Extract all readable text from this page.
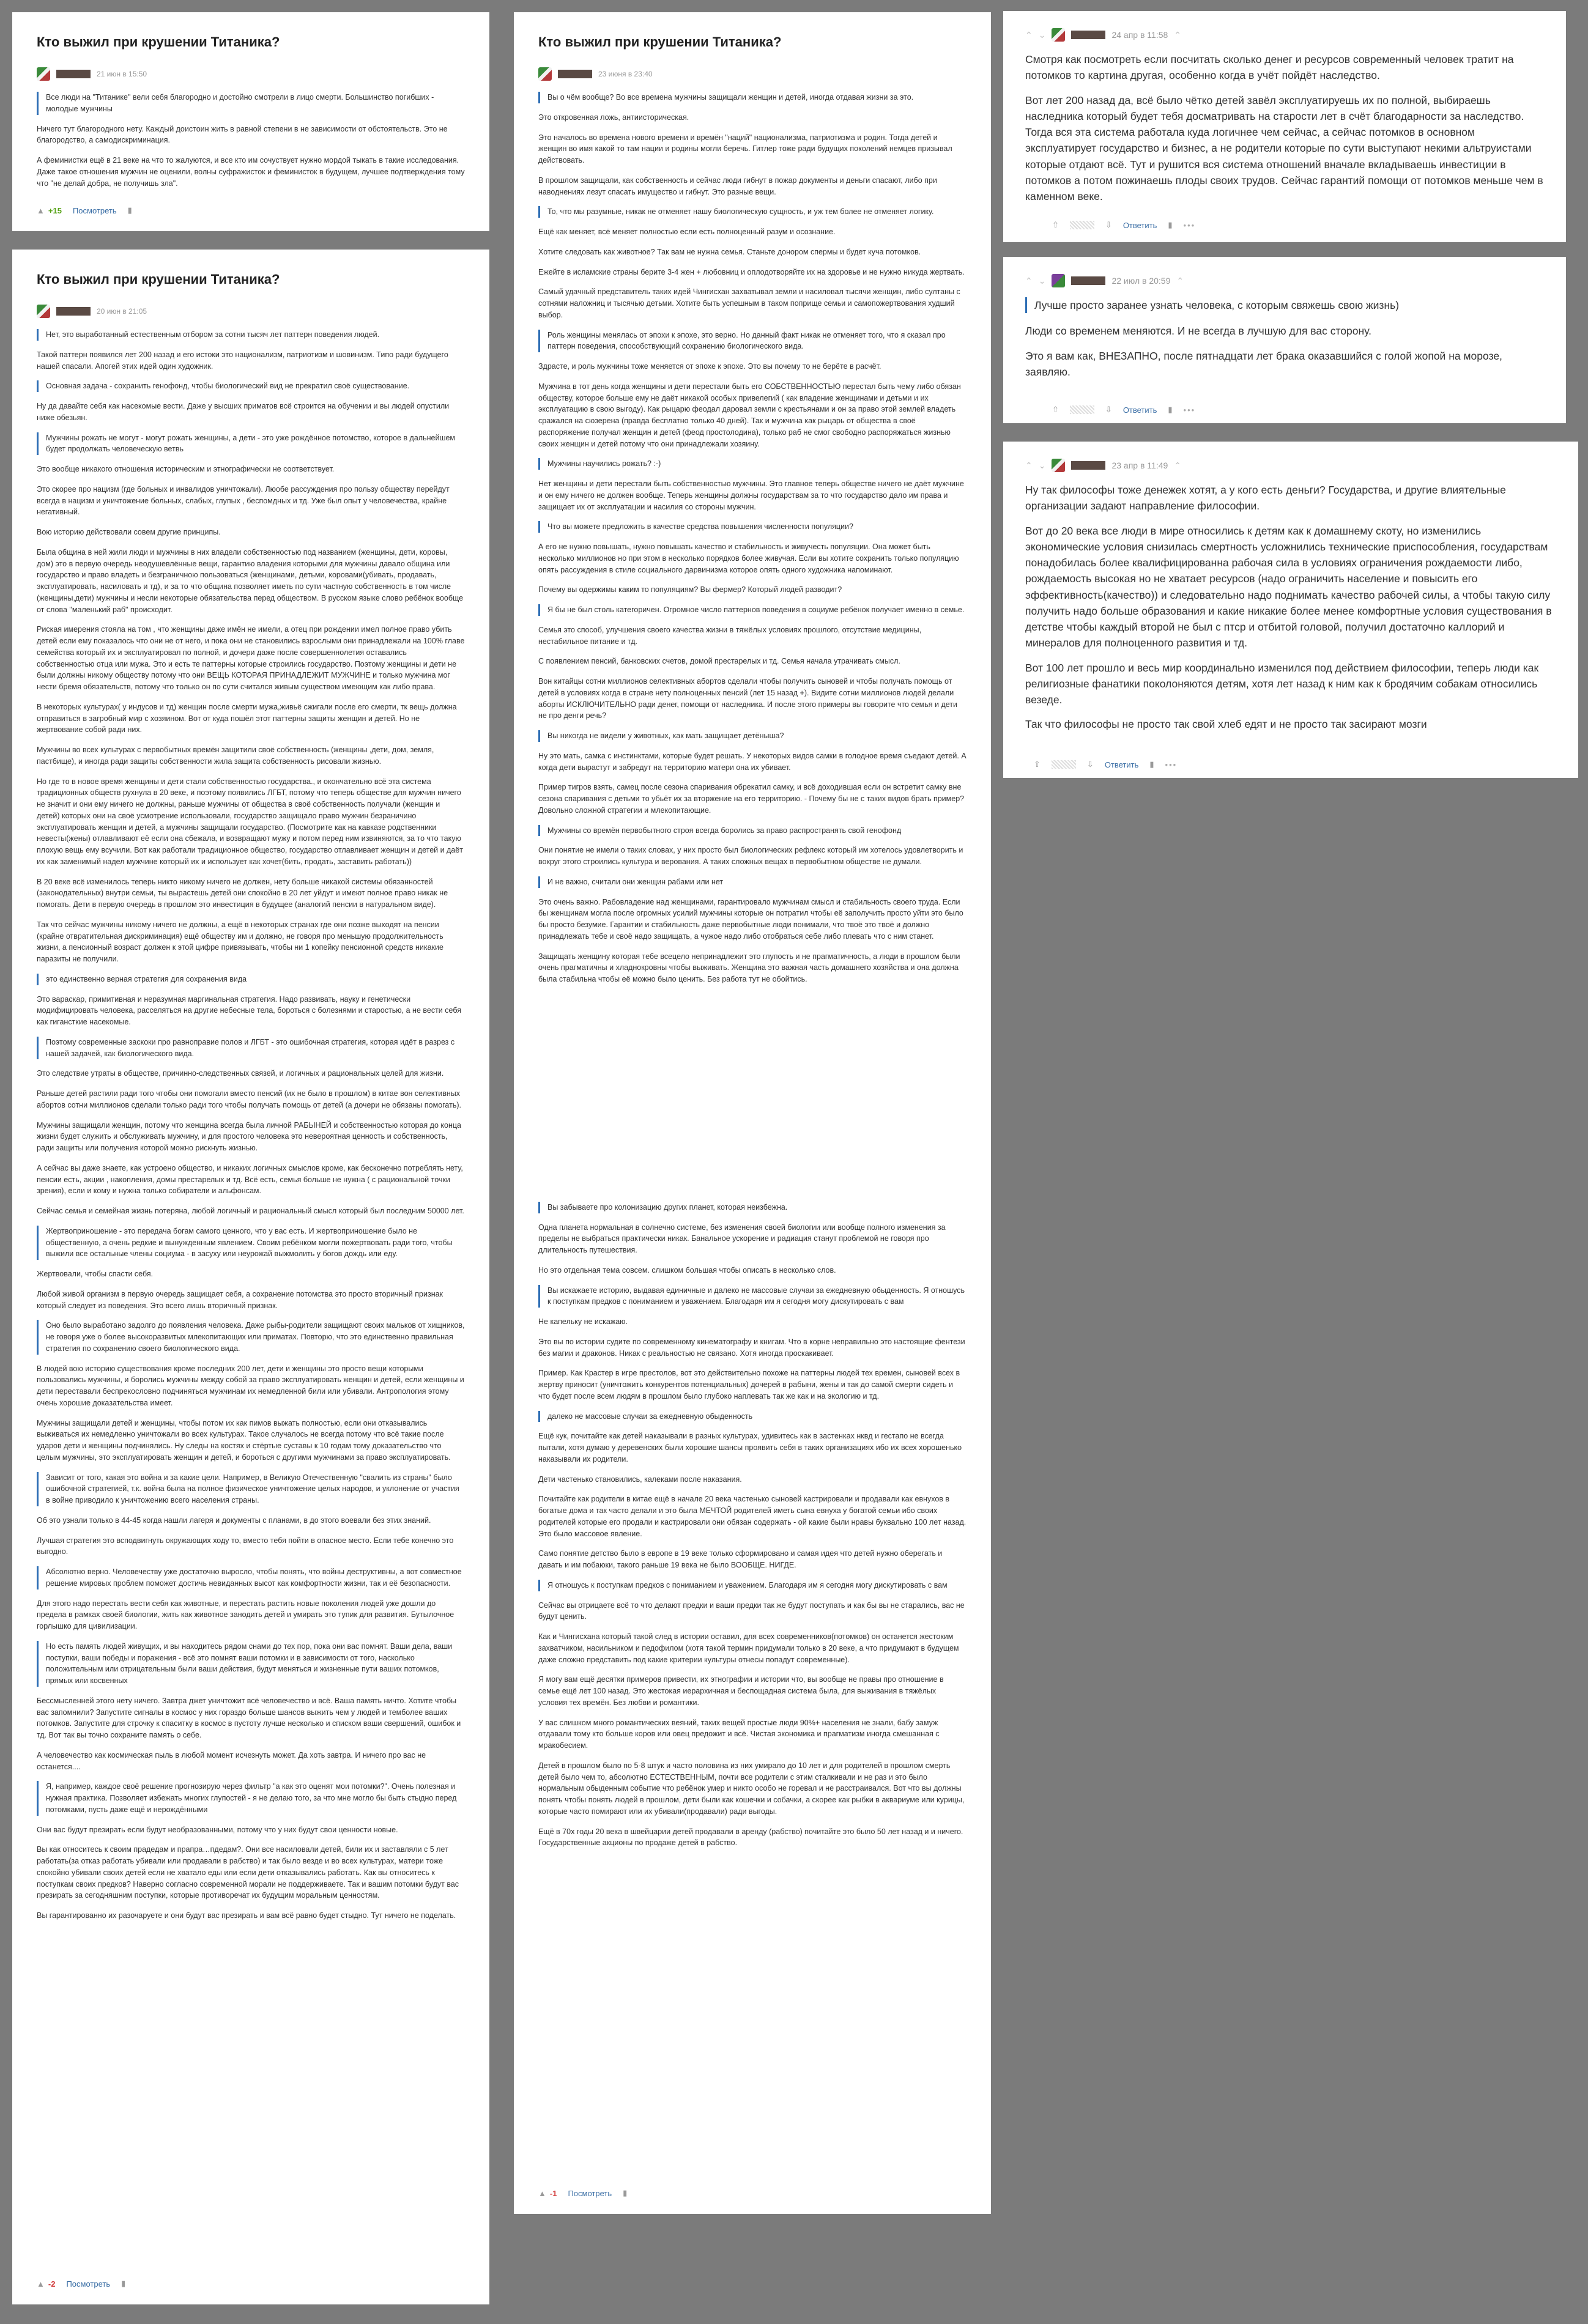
Кто выжил при крушении Титаника?
21 июн в 15:50
Все люди на "Титанике" вели себя благородно и достойно смотрели в лицо смерти. Большинство погибших - молодые мужчины

Ничего тут благородного нету. Каждый доистоин жить в равной степени в не зависимости от обстоятельств. Это не благородство, а самодискриминация.

А феминистки ещё в 21 веке на что то жалуются, и все кто им сочуствует нужно мордой тыкать в такие исследования. Даже такое отношения мужчин не оценили, волны суфражисток и феминисток в будущем, лучшее подтверждения тому что "не делай добра, не получишь зла".

▲ +15 Посмотреть ▮
Кто выжил при крушении Титаника?
20 июн в 21:05
Нет, это выработанный естественным отбором за сотни тысяч лет паттерн поведения людей.

Такой паттерн появился лет 200 назад и его истоки это национализм, патриотизм и шовинизм. Типо ради будущего нашей спасали. Апогей этих идей один художник.

Основная задача - сохранить генофонд, чтобы биологический вид не прекратил своё существование.

Ну да давайте себя как насекомые вести. Даже у высших приматов всё строится на обучении и вы людей опустили ниже обезьян.

Мужчины рожать не могут - могут рожать женщины, а дети - это уже рождённое потомство, которое в дальнейшем будет продолжать человеческую ветвь

Это вообще никакого отношения историческим и этнографически не соответствует.

Это скорее про нацизм (где больных и инвалидов уничтожали). Люобе рассуждения про пользу обществу перейдут всегда в нацизм и уничтожение больных, слабых, глупых , беспомдных и тд. Уже был опыт у человечества, крайне негативный.

Вою историю действовали совем другие принципы.

Была община в ней жили люди и мужчины в них владели собственностью под названием (женщины, дети, коровы, дом) это в первую очередь неодушевлённые вещи, гарантию владения которыми для мужчины давало община или государство и право владеть и безграничною пользоваться (женщинами, детьми, коровами(убивать, продавать, эксплуатировать, насиловать и тд), и за то что община позволяет иметь по сути частную собственность в том числе (женщины,дети) мужчины и несли некоторые обязательства перед обществом. В русском языке слово ребёнок вообще от слова "маленький раб" происходит.

Риская имерения стояла на том , что женщины даже имён не имели, а отец при рождении имел полное право убить детей если ему показалось что они не от него, и пока они не становились взрослыми они принадлежали на 100% главе семейства который их и эксплуатировал по полной, и дочери даже после совершеннолетия оставались собственностью отца или мужа. Это и есть те паттерны которые строились государство. Поэтому женщины и дети не были должны никому обществу потому что они ВЕЩЬ КОТОРАЯ ПРИНАДЛЕЖИТ МУЖЧИНЕ и только мужчина мог нести бремя обязательств, потому что только он по сути считался живым существом имеющим как либо права.

В некоторых культурах( у индусов и тд) женщин после смерти мужа,живьё сжигали после его смерти, тк вещь должна отправиться в загробный мир с хозяином. Вот от куда пошёл этот паттерны защиты женщин и детей. Но не жертвование собой ради них.

Мужчины во всех культурах с первобытных времён защитили своё собственность (женщины ,дети, дом, земля, пастбище), и иногда ради защиты собственности жила защита собственность рисовали жизнью.

Но где то в новое время женщины и дети стали собственностью государства., и окончательно всё эта система традиционных обществ рухнула в 20 веке, и поэтому появились ЛГБТ, потому что теперь обществе для мужчин ничего не значит и они ему ничего не должны, раньше мужчины от общества в своё собственность получали (женщин и детей) которых они на своё усмотрение использовали, государство защищало право мужчин безраничино эксплуатировать женщин и детей, а мужчины защищали государство. (Посмотрите как на кавказе родственники невесты(жены) отлавливают её если она сбежала, и возвращают мужу и потом перед ним извиняются, за то что такую плохую вещь ему всучили. Вот как работали традиционное общество, государство отлавливает женщин и детей и даёт их как заменимый надел мужчине который их и использует как хочет(бить, продать, заставить работать))

В 20 веке всё изменилось теперь никто никому ничего не должен, нету больше никакой системы обязанностей (законодательных) внутри семьи, ты выраcтешь детей они спокойно в 20 лет уйдут и имеют полное право никак не помогать. Дети в первую очередь в прошлом это инвестиция в будущее (аналогий пенсии в натуральном виде).

Так что сейчас мужчины никому ничего не должны, а ещё в некоторых странах где они позже выходят на пенсии (крайне отвратительная дискриминация) ещё обществу им и должно, не говоря про меньшую продолжительность жизни, а пенсионный возраст должен к этой цифре привязывать, чтобы ни 1 копейку пенсионной средств никакие паразиты не получили.

это единственно верная стратегия для сохранения вида

Это вараскар, примитивная и неразумная маргинальная стратегия. Надо развивать, науку и генетически модифицировать человека, расселяться на другие небесные тела, бороться с болезнями и старостью, а не вести себя как гигансткие насекомые.

Поэтому современные заскоки про равноправие полов и ЛГБТ - это ошибочная стратегия, которая идёт в разрез с нашей задачей, как биологического вида.

Это следствие утраты в обществе, причинно-следственных связей, и логичных и рациональных целей для жизни.

Раньше детей растили ради того чтобы они помогали вместо пенсий (их не было в прошлом) в китае вон селективных абортов сотни миллионов сделали только ради того чтобы получать помощь от детей (а дочери не обязаны помогать).

Мужчины защищали женщин, потому что женщина всегда была личной РАБЫНЕЙ и собственностью которая до конца жизни будет служить и обслуживать мужчину, и для простого человека это невероятная ценность и собственность, ради защиты или получения которой можно рискнуть жизнью.

А сейчас вы даже знаете, как устроено общество, и никаких логичных смыслов кроме, как бесконечно потреблять нету, пенсии есть, акции , накопления, домы престарелых и тд. Всё есть, семья больше не нужна ( с рациональной точки зрения), если и кому и нужна только собиратели и альфонсам.

Сейчас семья и семейная жизнь потеряна, любой логичный и рациональный смысл который был последним 50000 лет.

Жертвоприношение - это передача богам самого ценного, что у вас есть. И жертвоприношение было не общественную, а очень редкие и вынужденным явлением. Своим ребёнком могли пожертвовать ради того, чтобы выжили все остальные члены социума - в засуху или неурожай выжмолить у богов дождь или еду.

Жертвовали, чтобы спасти себя.

Любой живой организм в первую очередь защищает себя, а сохранение потомства это просто вторичный признак который следует из поведения. Это всего лишь вторичный признак.

Оно было выработано задолго до появления человека. Даже рыбы-родители защищают своих мальков от хищников, не говоря уже о более высокоразвитых млекопитающих или приматах. Повторю, что это единственно правильная стратегия по сохранению своего биологического вида.

В людей вою историю существования кроме последних 200 лет, дети и женщины это просто вещи которыми пользовались мужчины, и боролись мужчины между собой за право эксплуатировать женщин и детей, если женщины и дети переставали беспрекословно подчиняться мужчинам их немедленной били или убивали. Антропология этому очень хорошие доказательства имеет.

Мужчины защищали детей и женщины, чтобы потом их как пимов выжать полностью, если они отказывались выживаться их немедленно уничтожали во всех культурах. Такое случалось не всегда потому что всё такие после удаpов дети и женщины подчинялись. Ну следы на костях и стёртые суставы к 10 годам тому доказательство что целым мужчины, это эксплуатировать женщин и детей, и бороться с другими мужчинами за право эксплуатировать.

Зависит от того, какая это война и за какие цели. Например, в Великую Отечественную "свалить из страны" было ошибочной стратегией, т.к. война была на полное физическое уничтожение целых народов, и уклонение от участия в войне приводило к уничтожению всего населения страны.

Об это узнали только в 44-45 когда нашли лагеря и документы с планами, в до этого воевали без этих знаний.

Лучшая стратегия это всподвигнуть окружающих ходу то, вместо тебя пойти в опасное место. Если тебе конечно это выгодно.

Абсолютно верно. Человечеству уже достаточно выросло, чтобы понять, что войны деструктивны, а вот совместное решение мировых проблем поможет достичь невиданных высот как комфортности жизни, так и её безопасности.

Для этого надо перестать вести себя как животные, и перестать растить новые поколения людей уже дошли до предела в рамках своей биологии, жить как животное занодить детей и умирать это тупик для развития. Бутылочное горлышко для цивилизации.

Но есть память людей живущих, и вы находитесь рядом снами до тех пор, пока они вас помнят. Ваши дела, ваши поступки, ваши победы и поражения - всё это помнят ваши потомки и в зависимости от того, насколько положительным или отрицательным были ваши действия, будут меняться и жизненные пути ваших потомков, прямых или косвенных

Бессмысленней этого нету ничего. Завтра джет уничтожит всё человечество и всё. Ваша память ничто. Хотите чтобы вас запомнили? Запустите сигналы в космос у них гораздо больше шансов выжить чем у людей и темболее ваших потомков. Запустите для строчку к спаситку в космос в пустоту лучше несколько и списком ваши свершений, ошибок и тд. Вот так вы точно сохраните память о себе.

А человечество как космическая пыль в любой момент исчезнуть может. Да хоть завтра. И ничего про вас не останется....

Я, например, каждое своё решение прогнозирую через фильтр "а как это оценят мои потомки?". Очень полезная и нужная практика. Позволяет избежать многих глупостей - я не делаю того, за что мне могло бы быть стыдно перед потомками, пусть даже ещё и нерождёнными

Они вас будут презирать если будут необразованными, потому что у них будут свои ценности новые.

Вы как относитесь к своим прадедам и прапра…пдедам?. Они все насиловали детей, били их и заставляли с 5 лет работать(за отказ работать убивали или продавали в рабство) и так было везде и во всех культурах, матери тоже спокойно убивали своих детей если не хватало еды или если дети отказывались работать. Как вы относитесь к поступкам своих предков? Наверно согласно современной морали не поддерживаете. Так и вашим потомки будут вас презирать за сегодняшним поступки, которые противоречат их будущим моральным ценностям.

Вы гарантированно их разочаруете и они будут вас презирать и вам всё равно будет стыдно. Тут ничего не поделать.

▲ -2 Посмотреть ▮
Кто выжил при крушении Титаника?
23 июня в 23:40
Вы о чём вообще? Во все времена мужчины защищали женщин и детей, иногда отдавая жизни за это.

Это откровенная ложь, антиисторическая.

Это началось во времена нового времени и времён "наций" национализма, патриотизма и родин. Тогда детей и женщин во имя какой то там нации и родины могли беречь. Гитлер тоже ради будущих поколений немцев призывал действовать.

В прошлом защищали, как собственность и сейчас люди гибнут в пожар документы и деньги спасают, либо при наводнениях лезут спасать имущество и гибнут. Это разные вещи.

То, что мы разумные, никак не отменяет нашу биологическую сущность, и уж тем более не отменяет логику.

Ещё как меняет, всё меняет полностью если есть полноценный разум и осознание.

Хотите следовать как животное? Так вам не нужна семья. Станьте донором спермы и будет куча потомков.

Ежейте в исламские страны берите 3-4 жен + любовниц и оплодотворяйте их на здоровье и не нужно никуда жертвать.

Самый удачный представитель таких идей Чингисхан захватывал земли и насиловал тысячи женщин, либо султаны с сотнями наложниц и тысячью детьми. Хотите быть успешным в таком поприще семьи и самопожертвования худший выбор.

Роль женщины менялась от эпохи к эпохе, это верно. Но данный факт никак не отменяет того, что я сказал про паттерн поведения, способствующий сохранению биологического вида.

Здрасте, и роль мужчины тоже меняется от эпохе к эпохе. Это вы почему то не берёте в расчёт.

Мужчина в тот день когда женщины и дети перестали быть его СОБСТВЕННОСТЬЮ перестал быть чему либо обязан обществу, которое больше ему не даёт никакой особых привелегий ( как владение женщинами и детьми и их эксплуатацию в свою выгоду). Как рыцарю феодал даровал земли с крестьянами и он за право этой землей владеть сражался на сюзерена (правда бесплатно только 40 дней). Так и мужчина как рыцарь от общества в своё распоряжение получал женщин и детей (феод простолодина), только раб не смог свободно распоряжаться жизнью своих женщин и детей потому что они принадлежали хозяину.

Мужчины научились рожать? :-)

Нет женщины и дети перестали быть собственностью мужчины. Это главное теперь обществе ничего не даёт мужчине и он ему ничего не должен вообще. Теперь женщины должны государствам за то что государство дало им права и защищает их от эксплуатации и насилия со стороны мужчин.

Что вы можете предложить в качестве средства повышения численности популяции?

А его не нужно повышать, нужно повышать качество и стабильность и живучесть популяции. Она может быть несколько миллионов но при этом в несколько порядков более живучая. Если вы хотите сохранить только популяцию опять рассуждения в стиле социального дарвинизма которое опять одного художника напоминают.

Почему вы одержимы каким то популяциям? Вы фермер? Который людей разводит?

Я бы не был столь категоричен. Огромное число паттернов поведения в социуме ребёнок получает именно в семье.

Семья это способ, улучшения своего качества жизни в тяжёлых условиях прошлого, отсутствие медицины, нестабильное питание и тд.

С появлением пенсий, банковских счетов, домой престарелых и тд. Семья начала утрачивать смысл.

Вон китайцы сотни миллионов селективных абортов сделали чтобы получить сыновей и чтобы получать помощь от детей в условиях когда в стране нету полноценных пенсий (лет 15 назад +). Видите сотни миллионов людей делали аборты ИСКЛЮЧИТЕЛЬНО ради денег, помощи от наследника. И после этого примеры вы говорите что семья и дети не про денги речь?

Вы никогда не видели у животных, как мать защищает детёныша?

Ну это мать, самка с инстинктами, которые будет решать. У некоторых видов самки в голодное время съедают детей. А когда дети вырастут и забредут на территорию матери она их убивает.

Пример тигров взять, самец после сезона спаривания обрекатил самку, и всё доходившая если он встретит самку вне сезона спаривания с детьми то убьёт их за вторжение на его территорию. - Почему бы не с таких видов брать пример? Довольно сложной стратегии и млекопитающие.

Мужчины со времён первобытного строя всегда боролись за право распространять свой генофонд

Они понятие не имели о таких словах, у них просто был биологических рефлекс который им хотелось удовлетворить и вокруг этого строились культура и верования. А таких сложных вещах в первобытном обществе не думали.

И не важно, считали они женщин рабами или нет

Это очень важно. Рабовладение над женщинами, гарантировало мужчинам смысл и стабильность своего труда. Если бы женщинам могла после огромных усилий мужчины которые он потратил чтобы её заполучить просто уйти это было бы просто безумие. Гарантии и стабильность даже первобытные люди понимали, что твоё это твоё и должно принадлежать тебе и своё надо защищать, а чужое надо либо отобраться себе либо плевать что с ним станет.

Защищать женщину которая тебе всецело непринадлежит это глупость и не прагматичность, а люди в прошлом были очень прагматичны и хладнокровны чтобы выживать. Женщина это важная часть домашнего хозяйства и она должна была стабильна чтобы её можно было ценить. Без работа тут не обойтись.

Вы забываете про колонизацию других планет, которая неизбежна.

Одна планета нормальная в солнечно системе, без изменения своей биологии или вообще полного изменения за пределы не выбраться практически никак. Банальное ускорение и радиация станут проблемой не говоря про длительность путешествия.

Но это отдельная тема совсем. слишком большая чтобы описать в несколько слов.

Вы искажаете историю, выдавая единичные и далеко не массовые случаи за ежедневную обыденность. Я отношусь к поступкам предков с пониманием и уважением. Благодаря им я сегодня могу дискутировать с вам

Не капельку не искажаю.

Это вы по истории судите по современному кинематографу и книгам. Что в корне неправильно это настоящие фентези без магии и драконов. Никак с реальностью не связано. Хотя иногда проскакивает.

Пример. Как Крастер в игре престолов, вот это действительно похоже на паттерны людей тех времен, сыновей всех в жертву приносит (уничтожить конкурентов потенциальных) дочерей в рабыни, жены и так до самой смерти сидеть и что будет после всем людям в прошлом было глубоко наплевать так же как и на экологию и тд.

далеко не массовые случаи за ежедневную обыденность

Ещё кук, почитайте как детей наказывали в разных культурах, удивитесь как в застенках нквд и гестапо не всегда пытали, хотя думаю у деревенских были хорошие шансы проявить себя в таких организациях ибо их всех хорошенько наказывали их родители.

Дети частенько становились, калеками после наказания.

Почитайте как родители в китае ещё в начале 20 века частенько сыновей кастрировали и продавали как евнухов в богатые дома и так часто делали и это была МЕЧТОЙ родителей иметь сына евнуха у богатой семьи ибо своих родителей которые его продали и кастрировали они обязан содержать - ой какие были нравы буквально 100 лет назад. Это было массовое явление.

Само понятие детство было в европе в 19 веке только сформировано и самая идея что детей нужно оберегать и давать и им побаюки, такого раньше 19 века не было ВООБЩЕ. НИГДЕ.

Я отношусь к поступкам предков с пониманием и уважением. Благодаря им я сегодня могу дискутировать с вам

Сейчас вы отрицаете всё то что делают предки и ваши предки так же будут поступать и как бы вы не старались, вас не будут ценить.

Как и Чингисхана который такой след в истории оставил, для всех современников(потомков) он останется жестоким захватчиком, насильником и педофилом (хотя такой термин придумали только в 20 веке, а что придумают в будущем даже сложно представить под какие критерии культуры отнесы попадут современные).

Я могу вам ещё десятки примеров привести, их этнографии и истории что, вы вообще не правы про отношение в семье ещё лет 100 назад. Это жестокая иерархичная и беспощадная система была, для выживания в тяжёлых условия тех времён. Без любви и романтики.

У вас слишком много романтических веяний, таких вещей простые люди 90%+ населения не знали, бабу замуж отдавали тому кто больше коров или овец предожит и всё. Чистая экономика и прагматизм иногда смешанная с мракобесием.

Детей в прошлом было по 5-8 штук и часто половина из них умирало до 10 лет и для родителей в прошлом смерть детей было чем то, абсолютно ЕСТЕСТВЕННЫМ, почти все родители с этим сталкивали и не раз и это было нормальным обыденным событие что ребёнок умер и никто особо не горевал и не расстраивался. Вот что вы должны понять чтобы понять людей в прошлом, дети были как кошечки и собачки, а скорее как рыбки в аквариуме или курицы, которые часто помирают или их убивали(продавали) ради выгоды.

Ещё в 70х годы 20 века в швейцарии детей продавали в аренду (рабство) почитайте это было 50 лет назад и и ничего. Государственные акционы по продаже детей в рабство.

▲ -1 Посмотреть ▮
⌃ ⌄	24 апр в 11:58 ⌃

Смотря как посмотреть если посчитать сколько денег и ресурсов современный человек тратит на потомков то картина другая, особенно когда в учёт пойдёт наследство.

Вот лет 200 назад да, всё было чётко детей завёл эксплуатируешь их по полной, выбираешь наследника который будет тебя досматривать на старости лет в счёт благодарности за наследство. Тогда вся эта система работала куда логичнее чем сейчас, а сейчас потомков в основном эксплуатирует государство и бизнес, а не родители которые по сути выступают некими альтруистами которые отдают всё. Тут и рушится вся система отношений вначале вкладываешь инвестиции в потомков а потом пожинаешь плоды своих трудов. Сейчас гарантий помощи от потомков меньше чем в каменном веке.

⇧	⇩ Ответить ▮ •••
⌃ ⌄	22 июл в 20:59 ⌃
Лучше просто заранее узнать человека, с которым свяжешь свою жизнь)

Люди со временем меняются. И не всегда в лучшую для вас сторону.

Это я вам как, ВНЕЗАПНО, после пятнадцати лет брака оказавшийся с голой жопой на морозе, заявляю.

⇧	⇩ Ответить ▮ •••
⌃ ⌄	23 апр в 11:49 ⌃

Ну так философы тоже денежек хотят, а у кого есть деньги? Государства, и другие влиятельные организации задают направление философии.

Вот до 20 века все люди в мире относились к детям как к домашнему скоту, но изменились экономические условия снизилась смертность усложнились технические приспособления, государствам понадобилась более квалифицированна рабочая сила в условиях ограничения рождаемости либо, рождаемость высокая но не хватает ресурсов (надо ограничить население и повысить его эффективность(качество)) и следовательно надо поднимать качество рабочей силы, а чтобы такую силу получить надо больше образования и какие никакие более менее комфортные условия существования в детстве чтобы каждый второй не был с птср и отбитой головой, получил достаточно каллорий и минералов для полноценного развития и тд.

Вот 100 лет прошло и весь мир координально изменился под действием философии, теперь люди как религиозные фанатики поколоняются детям, хотя лет назад к ним как к бродячим собакам относились везеде.

Так что философы не просто так свой хлеб едят и не просто так засирают мозги

⇧	⇩ Ответить ▮ •••
